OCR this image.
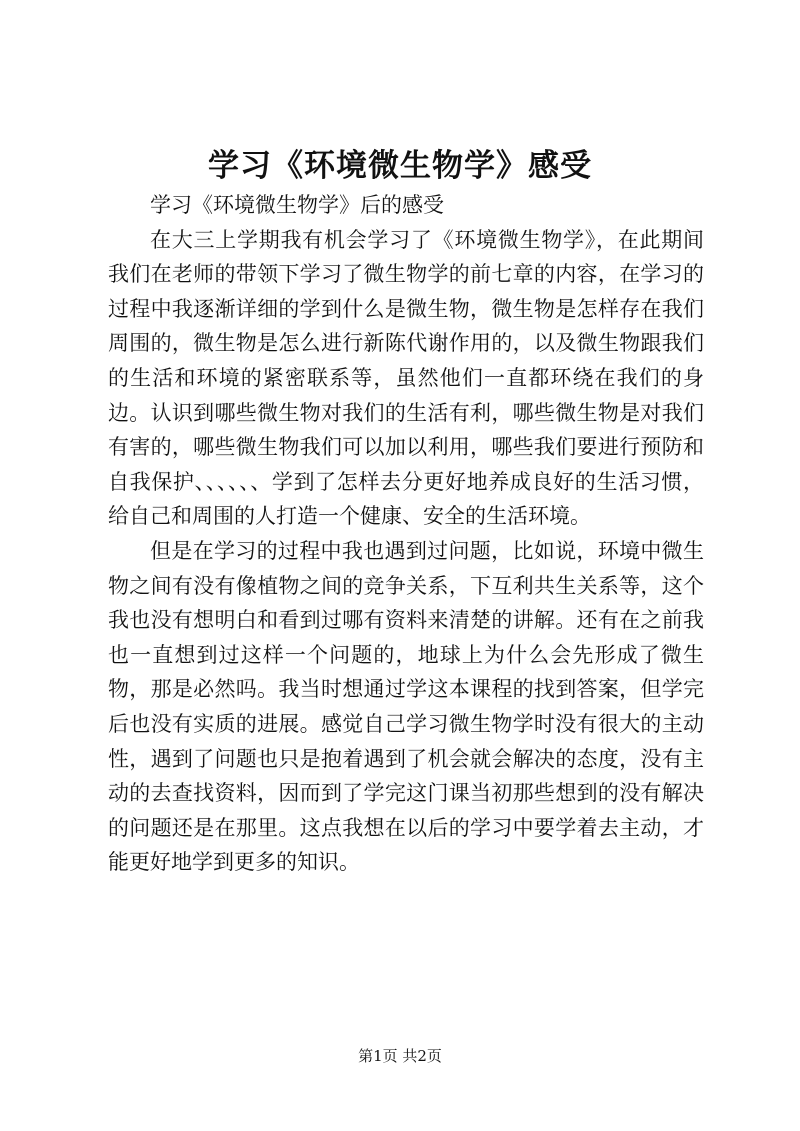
学习《环境微生物学》感受

学习《环境微生物学》后的感受

在大三上学期我有机会学习了《环境微生物学》，在此期间我们在老师的带领下学习了微生物学的前七章的内容，在学习的过程中我逐渐详细的学到什么是微生物，微生物是怎样存在我们周围的，微生物是怎么进行新陈代谢作用的，以及微生物跟我们的生活和环境的紧密联系等，虽然他们一直都环绕在我们的身边。认识到哪些微生物对我们的生活有利，哪些微生物是对我们有害的，哪些微生物我们可以加以利用，哪些我们要进行预防和自我保护、、、、、、学到了怎样去分更好地养成良好的生活习惯，给自己和周围的人打造一个健康、安全的生活环境。

但是在学习的过程中我也遇到过问题，比如说，环境中微生物之间有没有像植物之间的竞争关系，下互利共生关系等，这个我也没有想明白和看到过哪有资料来清楚的讲解。还有在之前我也一直想到过这样一个问题的，地球上为什么会先形成了微生物，那是必然吗。我当时想通过学这本课程的找到答案，但学完后也没有实质的进展。感觉自己学习微生物学时没有很大的主动性，遇到了问题也只是抱着遇到了机会就会解决的态度，没有主动的去查找资料，因而到了学完这门课当初那些想到的没有解决的问题还是在那里。这点我想在以后的学习中要学着去主动，才能更好地学到更多的知识。

第1页 共2页
